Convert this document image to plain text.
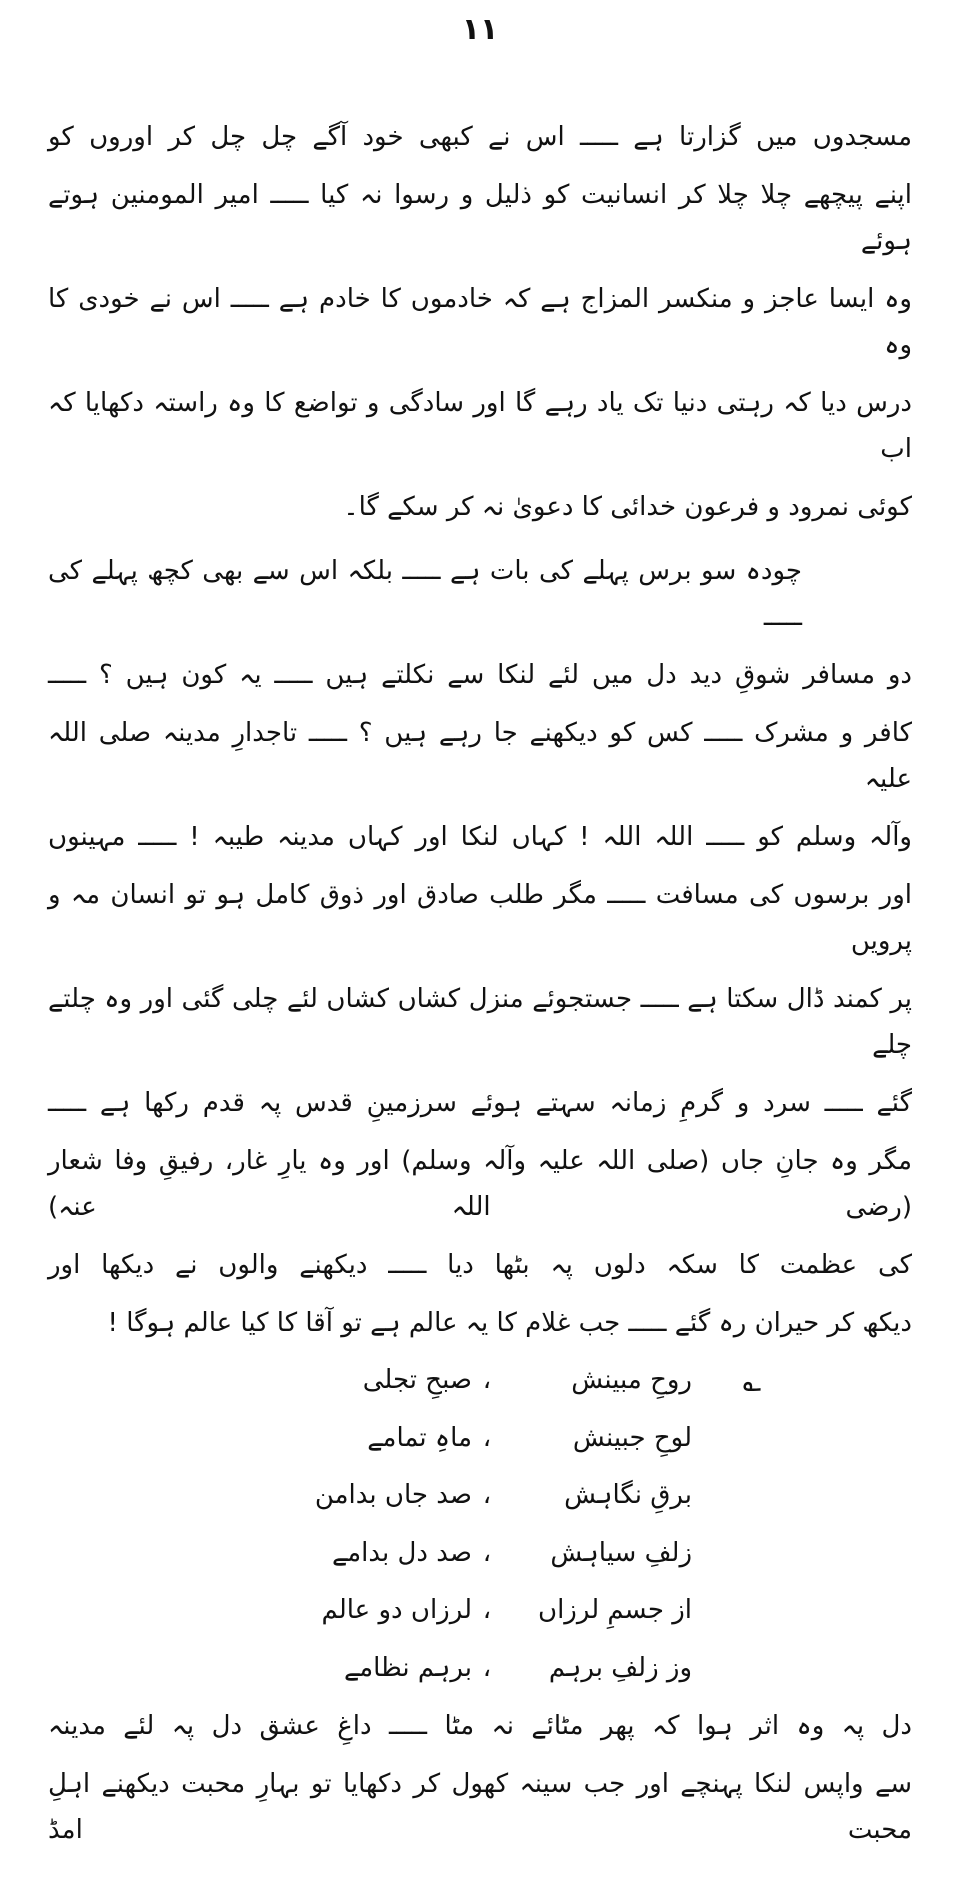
۱۱
مسجدوں میں گزارتا ہے ـــــ اس نے کبھی خود آگے چل چل کر اوروں کو
اپنے پیچھے چلا چلا کر انسانیت کو ذلیل و رسوا نہ کیا ـــــ امیر المومنین ہوتے ہوئے
وہ ایسا عاجز و منکسر المزاج ہے کہ خادموں کا خادم ہے ـــــ اس نے خودی کا وہ
درس دیا کہ رہتی دنیا تک یاد رہے گا اور سادگی و تواضع کا وہ راستہ دکھایا کہ اب
کوئی نمرود و فرعون خدائی کا دعویٰ نہ کر سکے گا۔
چودہ سو برس پہلے کی بات ہے ـــــ بلکہ اس سے بھی کچھ پہلے کی ـــــ
دو مسافر شوقِ دید دل میں لئے لنکا سے نکلتے ہیں ـــــ یہ کون ہیں ؟ ـــــ
کافر و مشرک ـــــ کس کو دیکھنے جا رہے ہیں ؟ ـــــ تاجدارِ مدینہ صلی اللہ علیہ
وآلہ وسلم کو ـــــ اللہ اللہ ! کہاں لنکا اور کہاں مدینہ طیبہ ! ـــــ مہینوں
اور برسوں کی مسافت ـــــ مگر طلب صادق اور ذوق کامل ہو تو انسان مہ و پرویں
پر کمند ڈال سکتا ہے ـــــ جستجوئے منزل کشاں کشاں لئے چلی گئی اور وہ چلتے چلے
گئے ـــــ سرد و گرمِ زمانہ سہتے ہوئے سرزمینِ قدس پہ قدم رکھا ہے ـــــ
مگر وہ جانِ جاں (صلی اللہ علیہ وآلہ وسلم) اور وہ یارِ غار، رفیقِ وفا شعار (رضی اللہ عنہ)
کی عظمت کا سکہ دلوں پہ بٹھا دیا ـــــ دیکھنے والوں نے دیکھا اور
دیکھ کر حیران رہ گئے ـــــ جب غلام کا یہ عالم ہے تو آقا کا کیا عالم ہوگا !
؎
روحِ مبینش
،
صبحِ تجلی
لوحِ جبینش
،
ماہِ تمامے
برقِ نگاہش
،
صد جاں بدامن
زلفِ سیاہش
،
صد دل بدامے
از جسمِ لرزاں
،
لرزاں دو عالم
وز زلفِ برہم
،
برہم نظامے
دل پہ وہ اثر ہوا کہ پھر مٹائے نہ مٹا ـــــ داغِ عشق دل پہ لئے مدینہ
سے واپس لنکا پہنچے اور جب سینہ کھول کر دکھایا تو بہارِ محبت دیکھنے اہلِ محبت امڈ
